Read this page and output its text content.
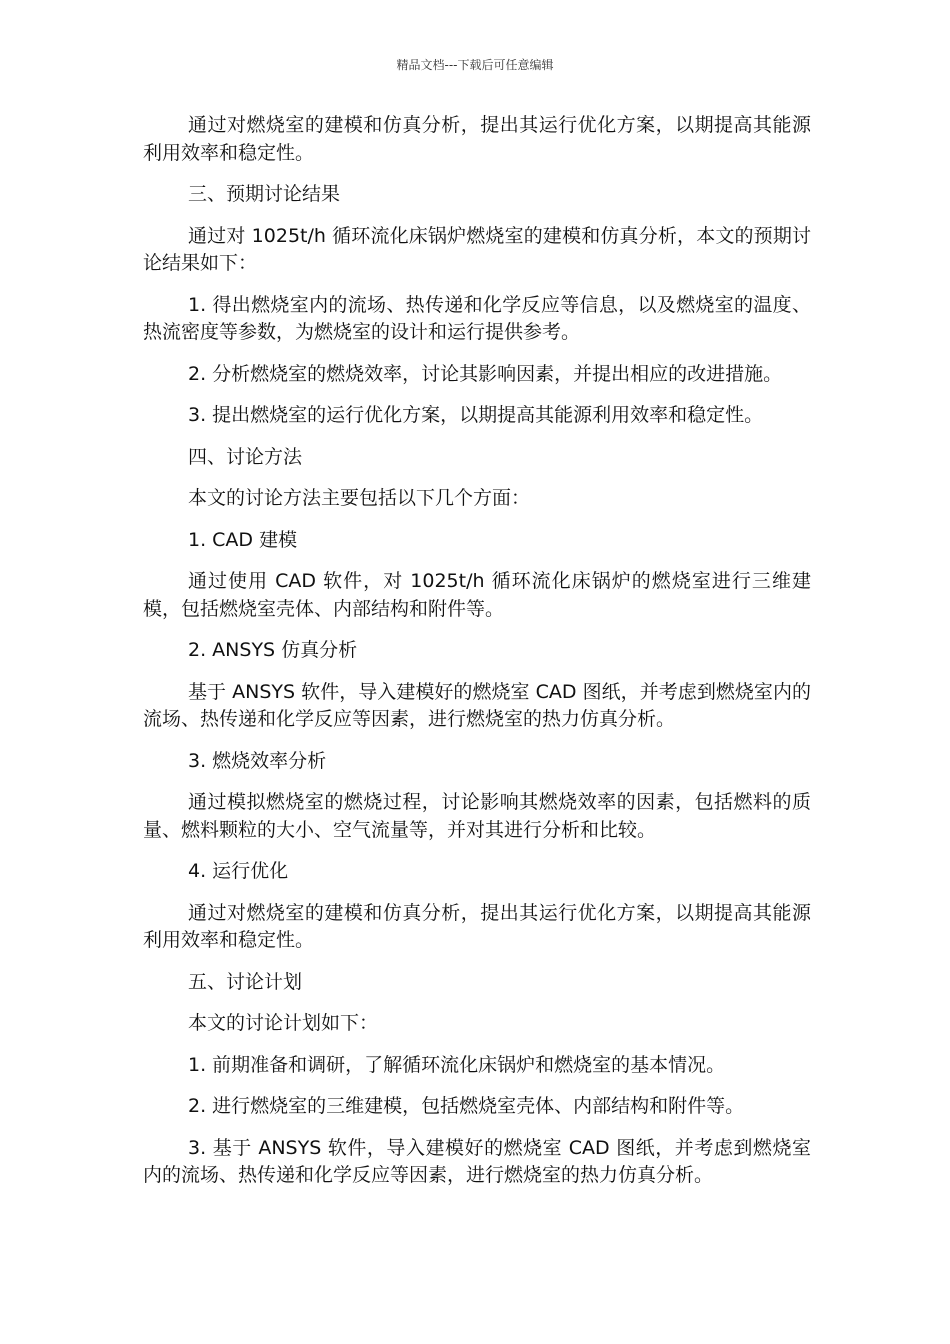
精品文档---下载后可任意编辑

通过对燃烧室的建模和仿真分析，提出其运行优化方案，以期提高其能源利用效率和稳定性。

三、预期讨论结果

通过对 1025t/h 循环流化床锅炉燃烧室的建模和仿真分析，本文的预期讨论结果如下：

1. 得出燃烧室内的流场、热传递和化学反应等信息，以及燃烧室的温度、热流密度等参数，为燃烧室的设计和运行提供参考。

2. 分析燃烧室的燃烧效率，讨论其影响因素，并提出相应的改进措施。

3. 提出燃烧室的运行优化方案，以期提高其能源利用效率和稳定性。

四、讨论方法

本文的讨论方法主要包括以下几个方面：

1. CAD 建模

通过使用 CAD 软件，对 1025t/h 循环流化床锅炉的燃烧室进行三维建模，包括燃烧室壳体、内部结构和附件等。

2. ANSYS 仿真分析

基于 ANSYS 软件，导入建模好的燃烧室 CAD 图纸，并考虑到燃烧室内的流场、热传递和化学反应等因素，进行燃烧室的热力仿真分析。

3. 燃烧效率分析

通过模拟燃烧室的燃烧过程，讨论影响其燃烧效率的因素，包括燃料的质量、燃料颗粒的大小、空气流量等，并对其进行分析和比较。

4. 运行优化

通过对燃烧室的建模和仿真分析，提出其运行优化方案，以期提高其能源利用效率和稳定性。

五、讨论计划

本文的讨论计划如下：

1. 前期准备和调研，了解循环流化床锅炉和燃烧室的基本情况。

2. 进行燃烧室的三维建模，包括燃烧室壳体、内部结构和附件等。

3. 基于 ANSYS 软件，导入建模好的燃烧室 CAD 图纸，并考虑到燃烧室内的流场、热传递和化学反应等因素，进行燃烧室的热力仿真分析。
